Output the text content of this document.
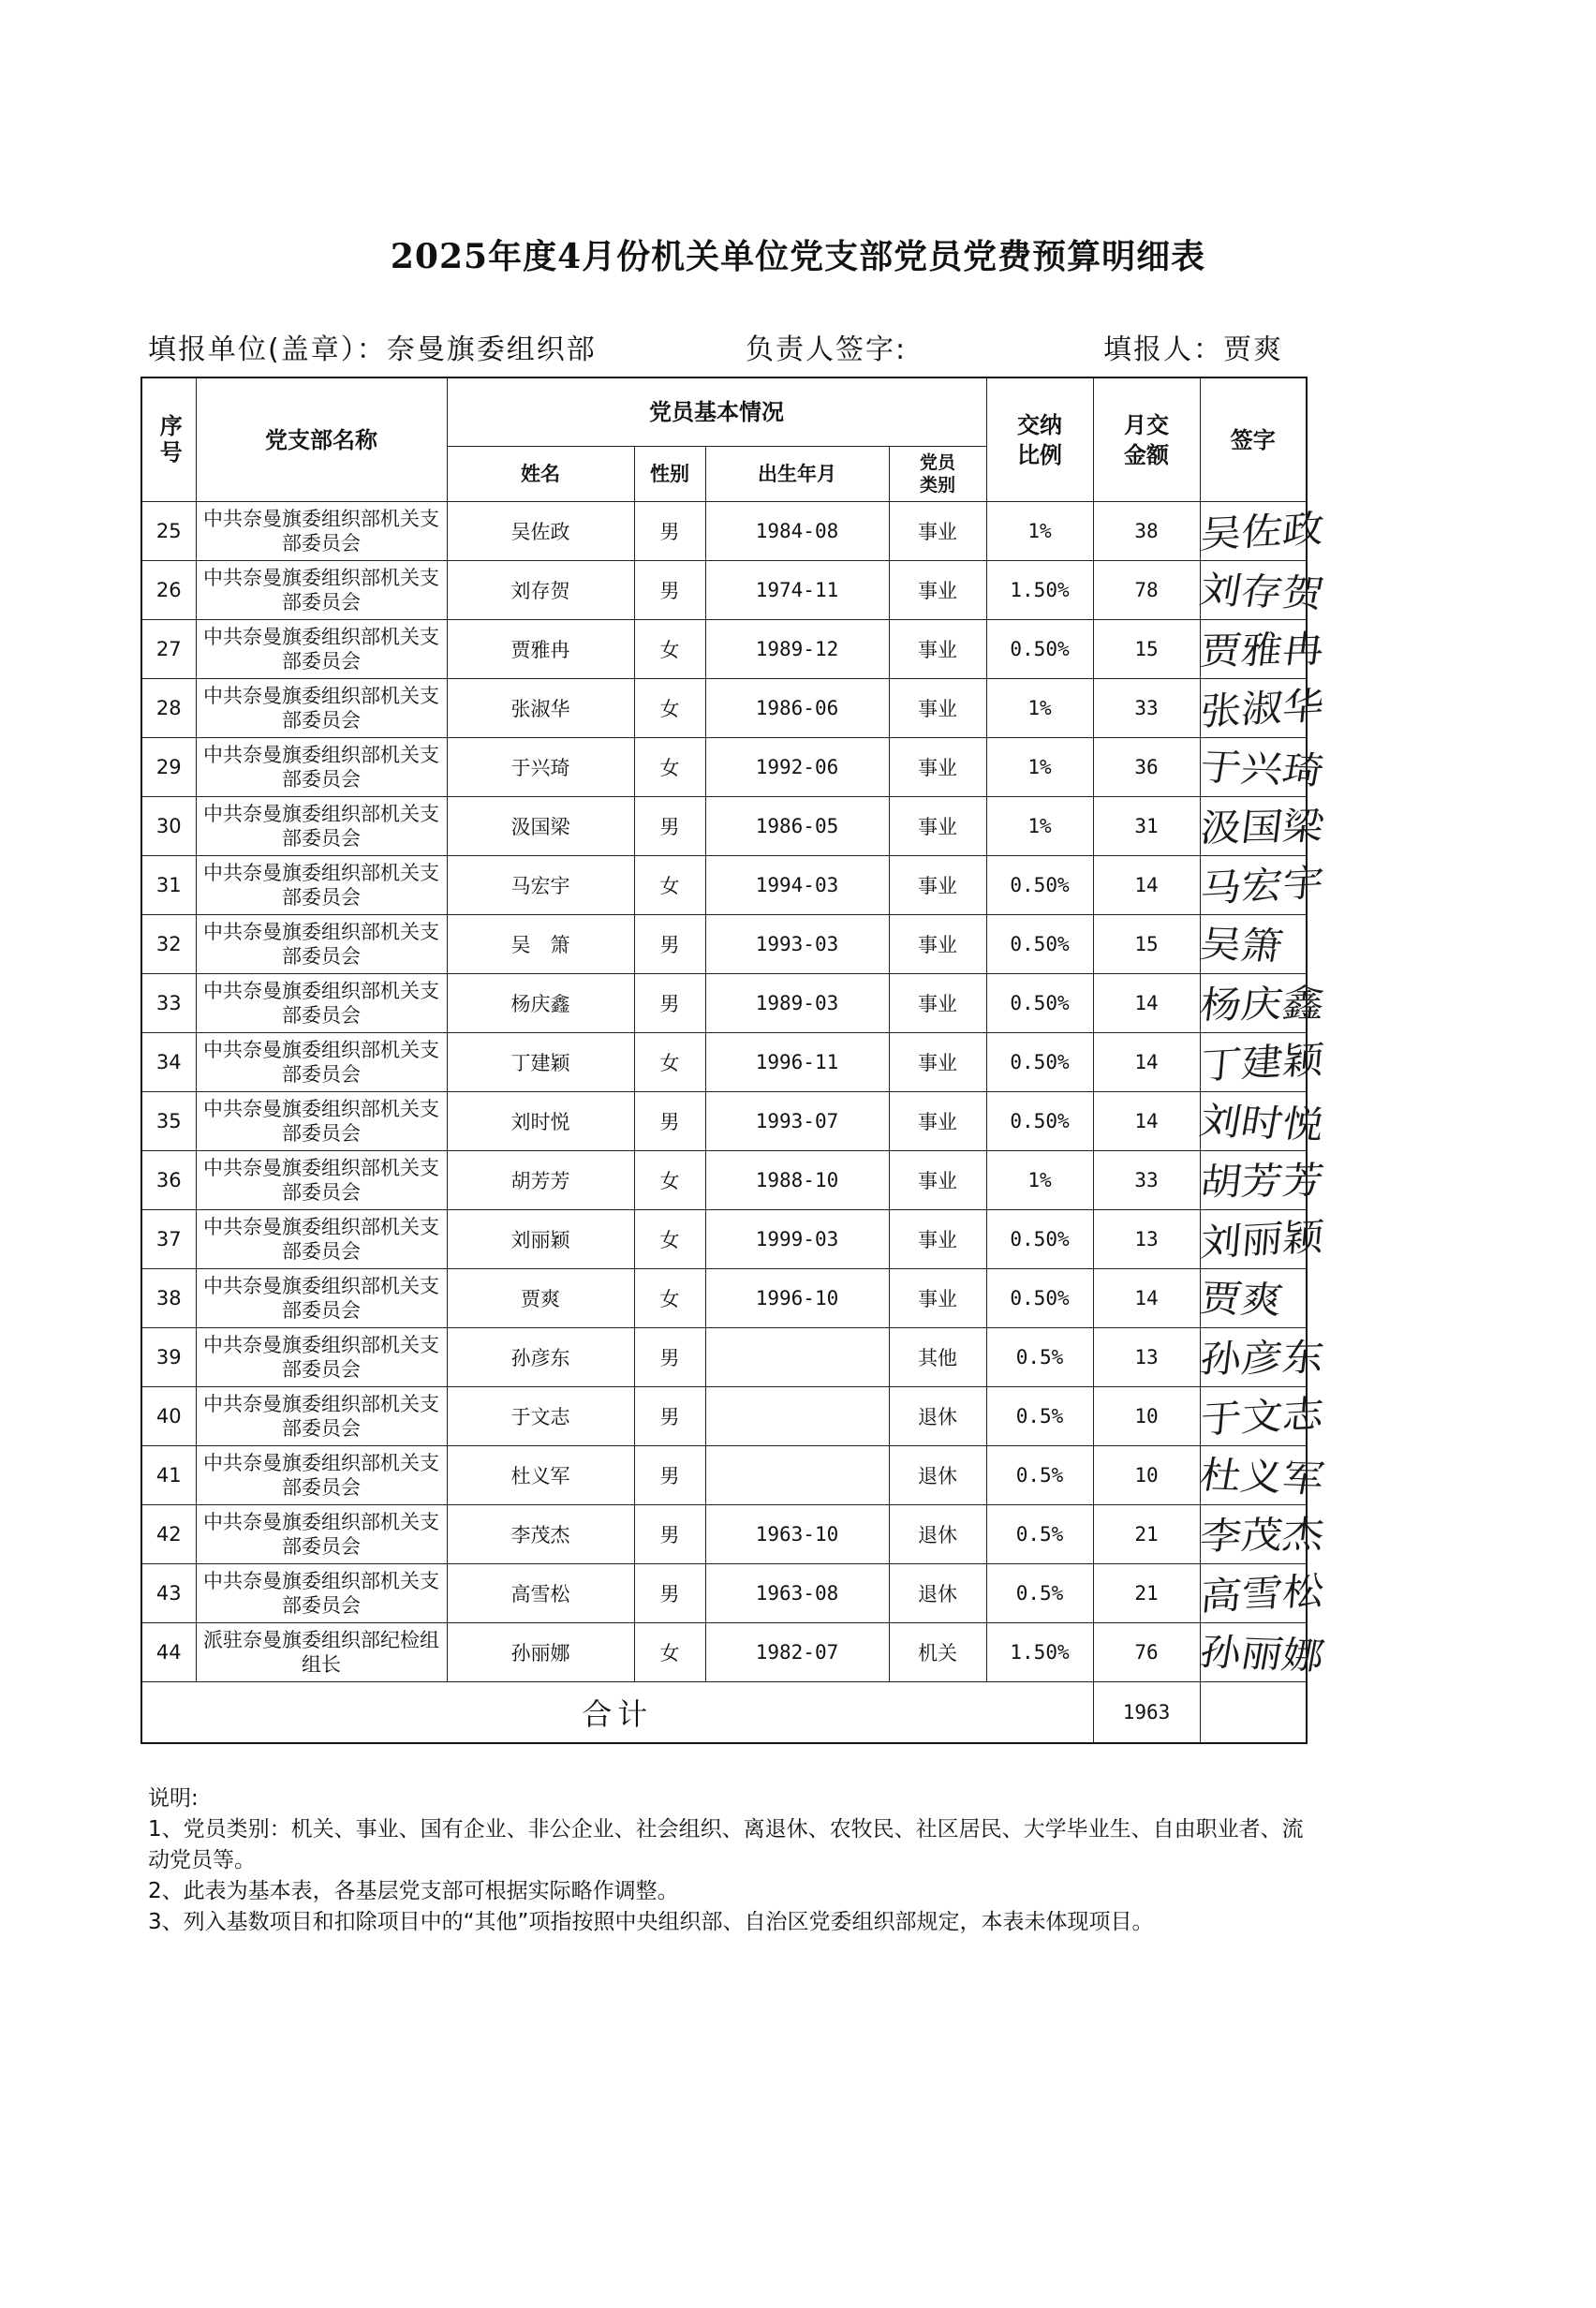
2025年度4月份机关单位党支部党员党费预算明细表
填报单位(盖章）：奈曼旗委组织部	负责人签字:	填报人：贾爽
序号	党支部名称	党员基本情况				交纳比例	月交金额	签字
		姓名	性别	出生年月	党员类别			
25	中共奈曼旗委组织部机关支部委员会	吴佐政	男	1984-08	事业	1%	38	吴佐政

26	中共奈曼旗委组织部机关支部委员会	刘存贺	男	1974-11	事业	1.50%	78	刘存贺

27	中共奈曼旗委组织部机关支部委员会	贾雅冉	女	1989-12	事业	0.50%	15	贾雅冉

28	中共奈曼旗委组织部机关支部委员会	张淑华	女	1986-06	事业	1%	33	张淑华

29	中共奈曼旗委组织部机关支部委员会	于兴琦	女	1992-06	事业	1%	36	于兴琦

30	中共奈曼旗委组织部机关支部委员会	汲国梁	男	1986-05	事业	1%	31	汲国梁

31	中共奈曼旗委组织部机关支部委员会	马宏宇	女	1994-03	事业	0.50%	14	马宏宇

32	中共奈曼旗委组织部机关支部委员会	吴　箫	男	1993-03	事业	0.50%	15	吴箫

33	中共奈曼旗委组织部机关支部委员会	杨庆鑫	男	1989-03	事业	0.50%	14	杨庆鑫

34	中共奈曼旗委组织部机关支部委员会	丁建颖	女	1996-11	事业	0.50%	14	丁建颖

35	中共奈曼旗委组织部机关支部委员会	刘时悦	男	1993-07	事业	0.50%	14	刘时悦

36	中共奈曼旗委组织部机关支部委员会	胡芳芳	女	1988-10	事业	1%	33	胡芳芳

37	中共奈曼旗委组织部机关支部委员会	刘丽颖	女	1999-03	事业	0.50%	13	刘丽颖

38	中共奈曼旗委组织部机关支部委员会	贾爽	女	1996-10	事业	0.50%	14	贾爽

39	中共奈曼旗委组织部机关支部委员会	孙彦东	男		其他	0.5%	13	孙彦东

40	中共奈曼旗委组织部机关支部委员会	于文志	男		退休	0.5%	10	于文志

41	中共奈曼旗委组织部机关支部委员会	杜义军	男		退休	0.5%	10	杜义军

42	中共奈曼旗委组织部机关支部委员会	李茂杰	男	1963-10	退休	0.5%	21	李茂杰

43	中共奈曼旗委组织部机关支部委员会	高雪松	男	1963-08	退休	0.5%	21	高雪松

44	派驻奈曼旗委组织部纪检组组长	孙丽娜	女	1982-07	机关	1.50%	76	孙丽娜

合计							1963	
说明:
1、党员类别：机关、事业、国有企业、非公企业、社会组织、离退休、农牧民、社区居民、大学毕业生、自由职业者、流动党员等。
2、此表为基本表，各基层党支部可根据实际略作调整。
3、列入基数项目和扣除项目中的“其他”项指按照中央组织部、自治区党委组织部规定，本表未体现项目。
